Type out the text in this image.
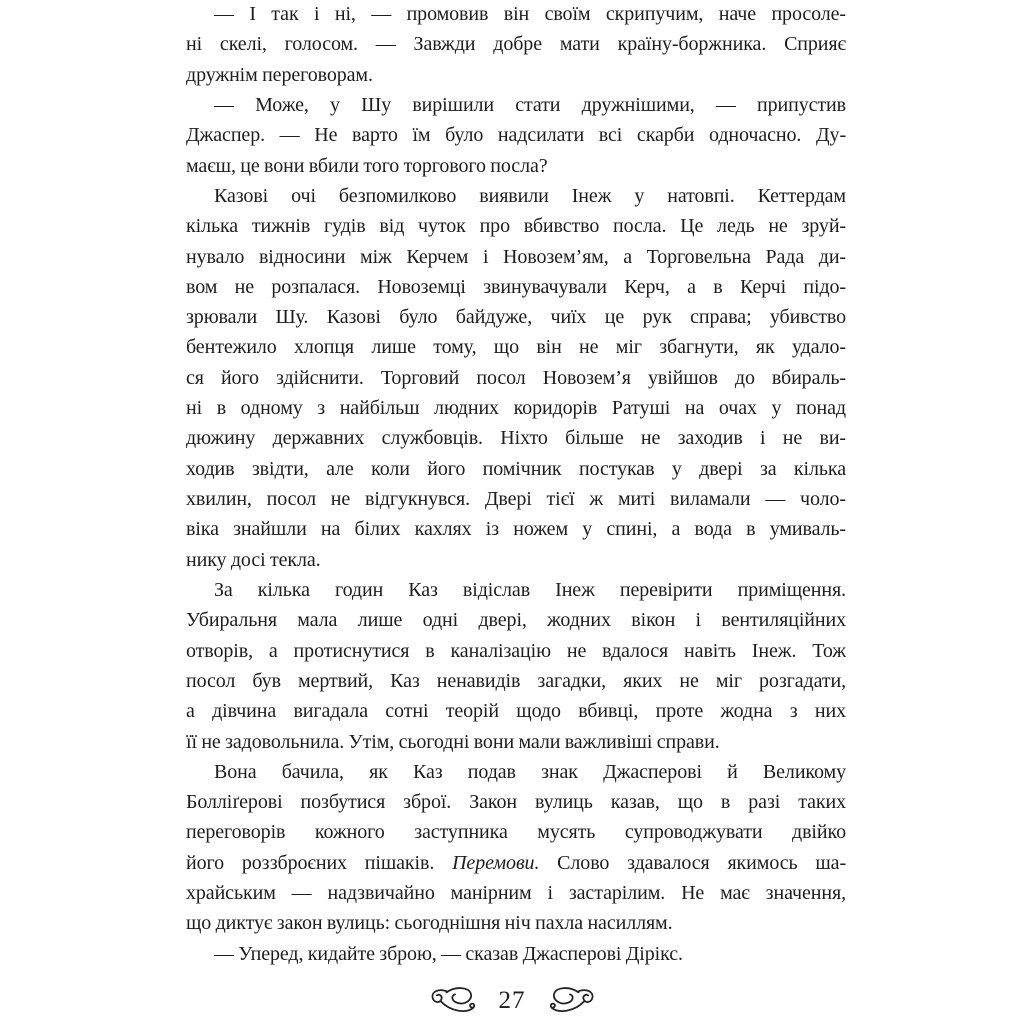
— І так і ні, — промовив він своїм скрипучим, наче просоле-
ні скелі, голосом. — Завжди добре мати країну-боржника. Сприяє
дружнім переговорам.
— Може, у Шу вирішили стати дружнішими, — припустив
Джаспер. — Не варто їм було надсилати всі скарби одночасно. Ду-
маєш, це вони вбили того торгового посла?
Казові очі безпомилково виявили Інеж у натовпі. Кеттердам
кілька тижнів гудів від чуток про вбивство посла. Це ледь не зруй-
нувало відносини між Керчем і Новозем’ям, а Торговельна Рада ди-
вом не розпалася. Новоземці звинувачували Керч, а в Керчі підо-
зрювали Шу. Казові було байдуже, чиїх це рук справа; убивство
бентежило хлопця лише тому, що він не міг збагнути, як удало-
ся його здійснити. Торговий посол Новозем’я увійшов до вбираль-
ні в одному з найбільш людних коридорів Ратуші на очах у понад
дюжину державних службовців. Ніхто більше не заходив і не ви-
ходив звідти, але коли його помічник постукав у двері за кілька
хвилин, посол не відгукнувся. Двері тієї ж миті виламали — чоло-
віка знайшли на білих кахлях із ножем у спині, а вода в умиваль-
нику досі текла.
За кілька годин Каз відіслав Інеж перевірити приміщення.
Убиральня мала лише одні двері, жодних вікон і вентиляційних
отворів, а протиснутися в каналізацію не вдалося навіть Інеж. Тож
посол був мертвий, Каз ненавидів загадки, яких не міг розгадати,
а дівчина вигадала сотні теорій щодо вбивці, проте жодна з них
її не задовольнила. Утім, сьогодні вони мали важливіші справи.
Вона бачила, як Каз подав знак Джасперові й Великому
Болліґерові позбутися зброї. Закон вулиць казав, що в разі таких
переговорів кожного заступника мусять супроводжувати двійко
його роззброєних пішаків. Перемови. Слово здавалося якимось ша-
храйським — надзвичайно манірним і застарілим. Не має значення,
що диктує закон вулиць: сьогоднішня ніч пахла насиллям.
— Уперед, кидайте зброю, — сказав Джасперові Дірікс.
27
